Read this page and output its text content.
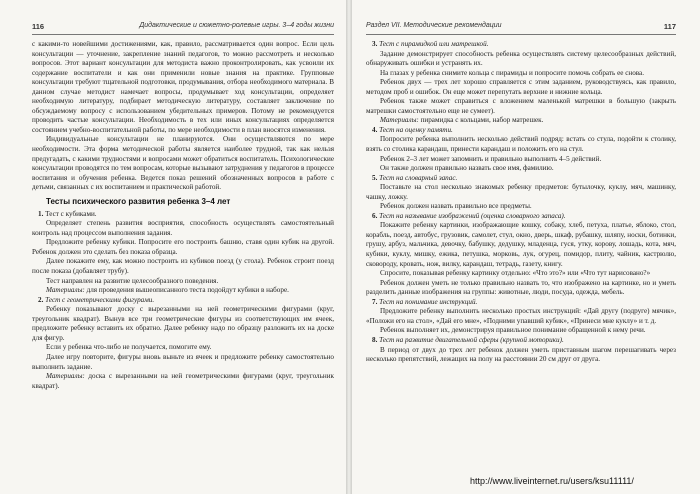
116	Дидактические и сюжетно-ролевые игры. 3–4 годы жизни

с какими-то новейшими достижениями, как, правило, рассматривается один вопрос. Если цель консультации — уточнение, закрепление знаний педагогов, то можно рассмотреть и несколько вопросов. Этот вариант консультации для методиста важно проконтролировать, как усвоили их содержание воспитатели и как они применили новые знания на практике. Групповые консультации требуют тщательной подготовки, продумывания, отбора необходимого материала. В данном случае методист намечает вопросы, продумывает ход консультации, определяет необходимую литературу, подбирает методическую литературу, составляет заключение по обсуждаемому вопросу с использованием убедительных примеров. Потому не рекомендуется проводить частые консультации. Необходимость в тех или иных консультациях определяется состоянием учебно-воспитательной работы, по мере необходимости в план вносятся изменения.

Индивидуальные консультации не планируются. Они осуществляются по мере необходимости. Эта форма методической работы является наиболее трудной, так как нельзя предугадать, с какими трудностями и вопросами может обратиться воспитатель. Психологические консультации проводятся по тем вопросам, которые вызывают затруднения у педагогов в процессе воспитания и обучения ребенка. Ведется показ решений обозначенных вопросов в работе с детьми, связанных с их воспитанием и практической работой.

Тесты психического развития ребенка 3–4 лет

1. Тест с кубиками.

Определяет степень развития восприятия, способность осуществлять самостоятельный контроль над процессом выполнения задания.

Предложите ребенку кубики. Попросите его построить башню, ставя один кубик на другой. Ребенок должен это сделать без показа образца.

Далее покажите ему, как можно построить из кубиков поезд (у стола). Ребенок строит поезд после показа (добавляет трубу).

Тест направлен на развитие целесообразного поведения.

Материалы: для проведения вышеописанного теста подойдут кубики в наборе.

2. Тест с геометрическими фигурами.

Ребенку показывают доску с вырезанными на ней геометрическими фигурами (круг, треугольник квадрат). Вынув все три геометрические фигуры из соответствующих им ячеек, предложите ребенку вставить их обратно. Далее ребенку надо по образцу разложить их на доске для фигур.

Если у ребенка что-либо не получается, помогите ему.

Далее игру повторите, фигуры вновь выньте из ячеек и предложите ребенку самостоятельно выполнить задание.

Материалы: доска с вырезанными на ней геометрическими фигурами (круг, треугольник квадрат).

Раздел VII. Методические рекомендации	117

3. Тест с пирамидкой или матрешкой.

Задание демонстрирует способность ребенка осуществлять систему целесообразных действий, обнаруживать ошибки и устранять их.

На глазах у ребенка снимите кольца с пирамиды и попросите помочь собрать ее снова.

Ребенок двух — трех лет хорошо справляется с этим заданием, руководствуясь, как правило, методом проб и ошибок. Он еще может перепутать верхние и нижние кольца.

Ребенок также может справиться с вложением маленькой матрешки в большую (закрыть матрешки самостоятельно еще не сумеет).

Материалы: пирамидка с кольцами, набор матрешек.

4. Тест на оценку памяти.

Попросите ребенка выполнить несколько действий подряд: встать со стула, подойти к столику, взять со столика карандаш, принести карандаш и положить его на стул.

Ребенок 2–3 лет может запомнить и правильно выполнить 4–5 действий.

Он также должен правильно назвать свое имя, фамилию.

5. Тест на словарный запас.

Поставьте на стол несколько знакомых ребенку предметов: бутылочку, куклу, мяч, машинку, чашку, ложку.

Ребенок должен назвать правильно все предметы.

6. Тест на называние изображений (оценка словарного запаса).

Покажите ребенку картинки, изображающие кошку, собаку, хлеб, петуха, платье, яблоко, стол, корабль, поезд, автобус, грузовик, самолет, стул, окно, дверь, шкаф, рубашку, шляпу, носки, ботинки, грушу, арбуз, мальчика, девочку, бабушку, дедушку, младенца, гуся, утку, корову, лошадь, кота, мяч, кубики, куклу, мишку, ежика, петушка, морковь, лук, огурец, помидор, плиту, чайник, кастрюлю, сковороду, кровать, нож, вилку, карандаш, тетрадь, газету, книгу.

Спросите, показывая ребенку картинку отдельно: «Что это?» или «Что тут нарисовано?»

Ребенок должен уметь не только правильно назвать то, что изображено на картинке, но и уметь разделить данные изображения на группы: животные, люди, посуда, одежда, мебель.

7. Тест на понимание инструкций.

Предложите ребенку выполнить несколько простых инструкций: «Дай другу (подруге) мячик», «Положи его на стол», «Дай его мне», «Подними упавший кубик», «Принеси мне куклу» и т. д.

Ребенок выполняет их, демонстрируя правильное понимание обращенной к нему речи.

8. Тест на развитие двигательной сферы (крупной моторики).

В период от двух до трех лет ребенок должен уметь приставным шагом перешагивать через несколько препятствий, лежащих на полу на расстоянии 20 см друг от друга.

http://www.liveinternet.ru/users/ksu11111/
